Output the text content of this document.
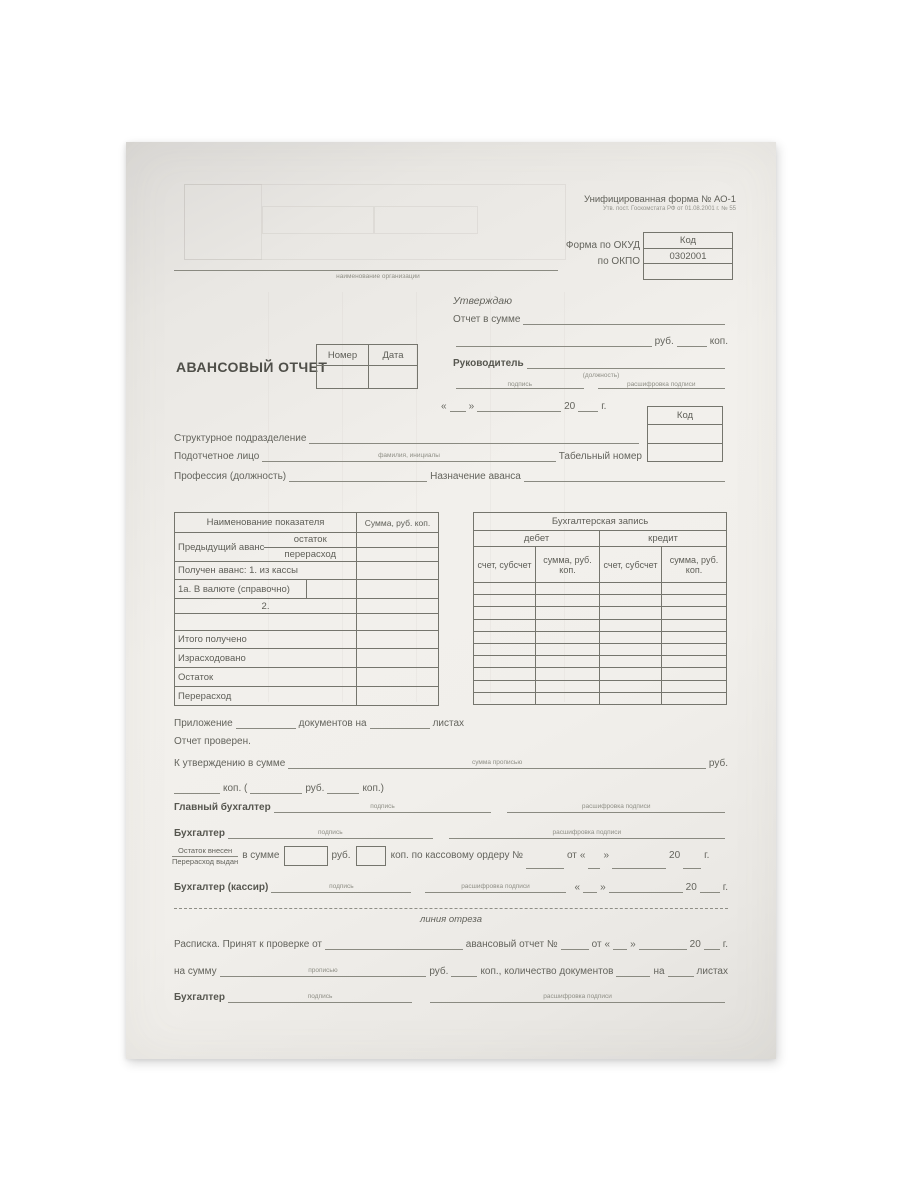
Унифицированная форма № АО-1
Утв. пост. Госкомстата РФ от 01.08.2001 г. № 55
Код
0302001

Форма по ОКУД
по ОКПО
наименование организации
Утверждаю
Отчет в сумме
руб.	коп.
Руководитель
(должность)
подпись	расшифровка подписи
« »	20	г.
АВАНСОВЫЙ ОТЧЕТ
Номер	Дата

Код

Структурное подразделение
Подотчетное лицо	фамилия, инициалы	Табельный номер
Профессия (должность)	Назначение аванса
Наименование показателя	Сумма, руб. коп.

Предыдущий аванс
остаток
перерасход	

Получен аванс: 1. из кассы	
1а. В валюте (справочно)	
2.	

Итого получено	
Израсходовано	
Остаток	
Перерасход	
Бухгалтерская запись			
дебет		кредит	
счет, субсчет	сумма, руб. коп.	счет, субсчет	сумма, руб. коп.

Приложение	документов на	листах
Отчет проверен.
К утверждению в сумме	сумма прописью	руб.
коп. (	руб.	коп.)
Главный бухгалтер	подпись	расшифровка подписи
Бухгалтер	подпись	расшифровка подписи
$\frac{\text{Остаток внесен}}{\text{Перерасход выдан}}$ в сумме	руб.	коп. по кассовому ордеру №	от « »	20 г.
Бухгалтер (кассир)	подпись	расшифровка подписи	« »	20	г.
линия отреза
Расписка. Принят к проверке от	авансовый отчет №	от « »	20 г.
на сумму	прописью	руб.	коп., количество документов	на	листах
Бухгалтер	подпись	расшифровка подписи
